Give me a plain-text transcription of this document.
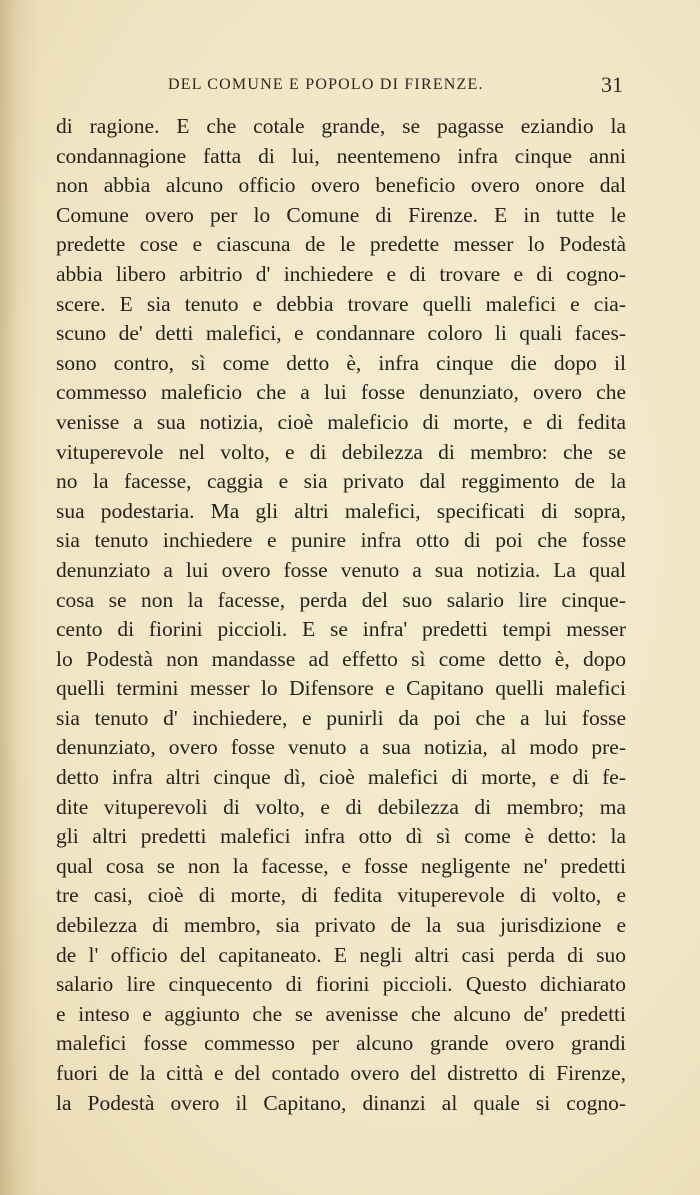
DEL COMUNE E POPOLO DI FIRENZE.	31
di ragione. E che cotale grande, se pagasse eziandio la
condannagione fatta di lui, neentemeno infra cinque anni
non abbia alcuno officio overo beneficio overo onore dal
Comune overo per lo Comune di Firenze. E in tutte le
predette cose e ciascuna de le predette messer lo Podestà
abbia libero arbitrio d' inchiedere e di trovare e di cogno-
scere. E sia tenuto e debbia trovare quelli malefici e cia-
scuno de' detti malefici, e condannare coloro li quali faces-
sono contro, sì come detto è, infra cinque die dopo il
commesso maleficio che a lui fosse denunziato, overo che
venisse a sua notizia, cioè maleficio di morte, e di fedita
vituperevole nel volto, e di debilezza di membro: che se
no la facesse, caggia e sia privato dal reggimento de la
sua podestaria. Ma gli altri malefici, specificati di sopra,
sia tenuto inchiedere e punire infra otto di poi che fosse
denunziato a lui overo fosse venuto a sua notizia. La qual
cosa se non la facesse, perda del suo salario lire cinque-
cento di fiorini piccioli. E se infra' predetti tempi messer
lo Podestà non mandasse ad effetto sì come detto è, dopo
quelli termini messer lo Difensore e Capitano quelli malefici
sia tenuto d' inchiedere, e punirli da poi che a lui fosse
denunziato, overo fosse venuto a sua notizia, al modo pre-
detto infra altri cinque dì, cioè malefici di morte, e di fe-
dite vituperevoli di volto, e di debilezza di membro; ma
gli altri predetti malefici infra otto dì sì come è detto: la
qual cosa se non la facesse, e fosse negligente ne' predetti
tre casi, cioè di morte, di fedita vituperevole di volto, e
debilezza di membro, sia privato de la sua jurisdizione e
de l' officio del capitaneato. E negli altri casi perda di suo
salario lire cinquecento di fiorini piccioli. Questo dichiarato
e inteso e aggiunto che se avenisse che alcuno de' predetti
malefici fosse commesso per alcuno grande overo grandi
fuori de la città e del contado overo del distretto di Firenze,
la Podestà overo il Capitano, dinanzi al quale si cogno-
